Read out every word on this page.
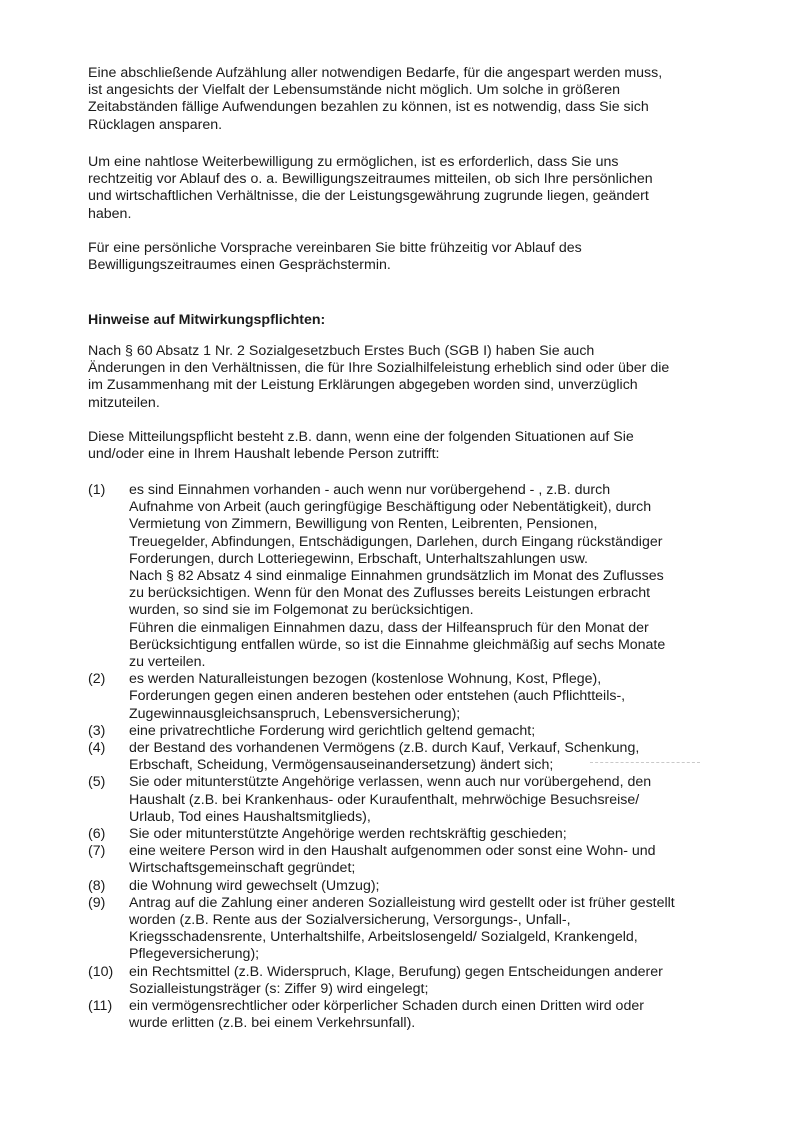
Eine abschließende Aufzählung aller notwendigen Bedarfe, für die angespart werden muss,
ist angesichts der Vielfalt der Lebensumstände nicht möglich. Um solche in größeren
Zeitabständen fällige Aufwendungen bezahlen zu können, ist es notwendig, dass Sie sich
Rücklagen ansparen.

Um eine nahtlose Weiterbewilligung zu ermöglichen, ist es erforderlich, dass Sie uns
rechtzeitig vor Ablauf des o. a. Bewilligungszeitraumes mitteilen, ob sich Ihre persönlichen
und wirtschaftlichen Verhältnisse, die der Leistungsgewährung zugrunde liegen, geändert
haben.

Für eine persönliche Vorsprache vereinbaren Sie bitte frühzeitig vor Ablauf des
Bewilligungszeitraumes einen Gesprächstermin.

Hinweise auf Mitwirkungspflichten:

Nach § 60 Absatz 1 Nr. 2 Sozialgesetzbuch Erstes Buch (SGB I) haben Sie auch
Änderungen in den Verhältnissen, die für Ihre Sozialhilfeleistung erheblich sind oder über die
im Zusammenhang mit der Leistung Erklärungen abgegeben worden sind, unverzüglich
mitzuteilen.

Diese Mitteilungspflicht besteht z.B. dann, wenn eine der folgenden Situationen auf Sie
und/oder eine in Ihrem Haushalt lebende Person zutrifft:

(1)	es sind Einnahmen vorhanden - auch wenn nur vorübergehend - , z.B. durch
Aufnahme von Arbeit (auch geringfügige Beschäftigung oder Nebentätigkeit), durch
Vermietung von Zimmern, Bewilligung von Renten, Leibrenten, Pensionen,
Treuegelder, Abfindungen, Entschädigungen, Darlehen, durch Eingang rückständiger
Forderungen, durch Lotteriegewinn, Erbschaft, Unterhaltszahlungen usw.
Nach § 82 Absatz 4 sind einmalige Einnahmen grundsätzlich im Monat des Zuflusses
zu berücksichtigen. Wenn für den Monat des Zuflusses bereits Leistungen erbracht
wurden, so sind sie im Folgemonat zu berücksichtigen.
Führen die einmaligen Einnahmen dazu, dass der Hilfeanspruch für den Monat der
Berücksichtigung entfallen würde, so ist die Einnahme gleichmäßig auf sechs Monate
zu verteilen.
(2)	es werden Naturalleistungen bezogen (kostenlose Wohnung, Kost, Pflege),
Forderungen gegen einen anderen bestehen oder entstehen (auch Pflichtteils-,
Zugewinnausgleichsanspruch, Lebensversicherung);
(3)	eine privatrechtliche Forderung wird gerichtlich geltend gemacht;
(4)	der Bestand des vorhandenen Vermögens (z.B. durch Kauf, Verkauf, Schenkung,
Erbschaft, Scheidung, Vermögensauseinandersetzung) ändert sich;
(5)	Sie oder mitunterstützte Angehörige verlassen, wenn auch nur vorübergehend, den
Haushalt (z.B. bei Krankenhaus- oder Kuraufenthalt, mehrwöchige Besuchsreise/
Urlaub, Tod eines Haushaltsmitglieds),
(6)	Sie oder mitunterstützte Angehörige werden rechtskräftig geschieden;
(7)	eine weitere Person wird in den Haushalt aufgenommen oder sonst eine Wohn- und
Wirtschaftsgemeinschaft gegründet;
(8)	die Wohnung wird gewechselt (Umzug);
(9)	Antrag auf die Zahlung einer anderen Sozialleistung wird gestellt oder ist früher gestellt
worden (z.B. Rente aus der Sozialversicherung, Versorgungs-, Unfall-,
Kriegsschadensrente, Unterhaltshilfe, Arbeitslosengeld/ Sozialgeld, Krankengeld,
Pflegeversicherung);
(10)	ein Rechtsmittel (z.B. Widerspruch, Klage, Berufung) gegen Entscheidungen anderer
Sozialleistungsträger (s: Ziffer 9) wird eingelegt;
(11)	ein vermögensrechtlicher oder körperlicher Schaden durch einen Dritten wird oder
wurde erlitten (z.B. bei einem Verkehrsunfall).
